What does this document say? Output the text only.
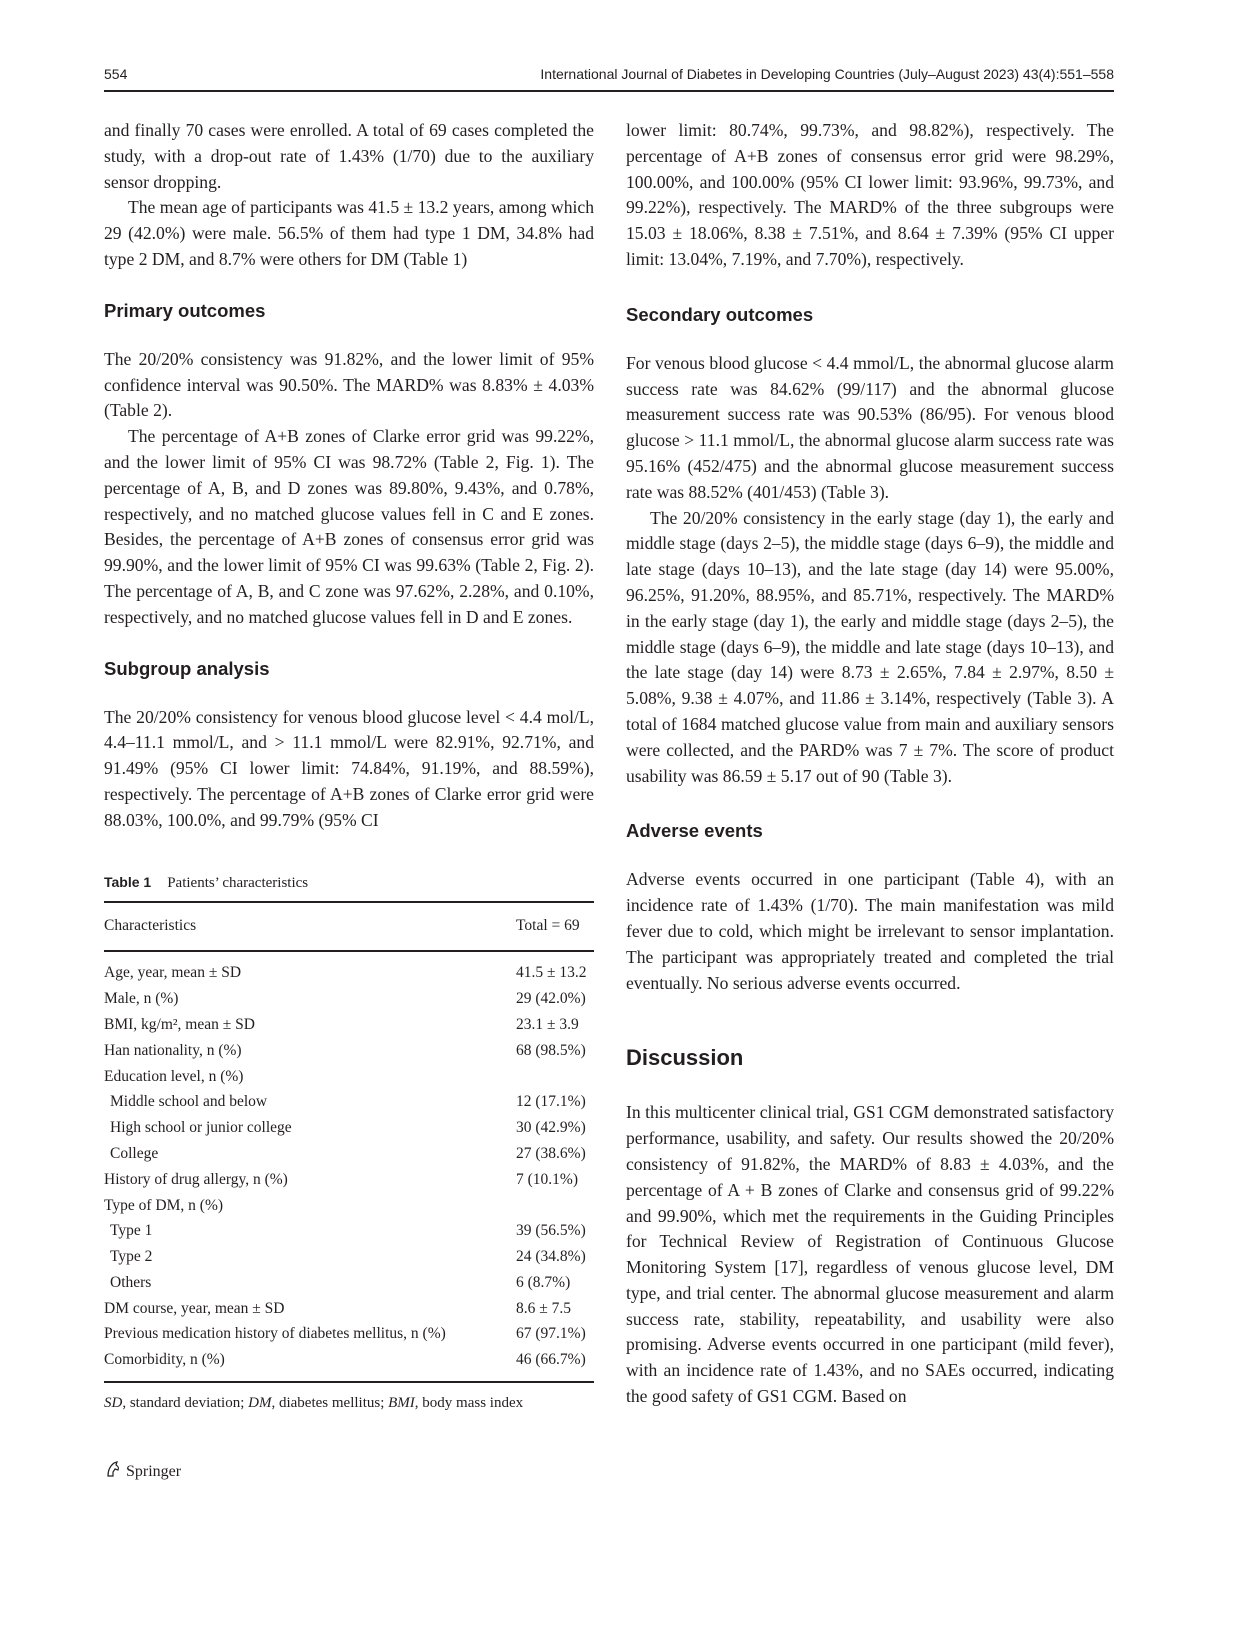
554	International Journal of Diabetes in Developing Countries (July–August 2023) 43(4):551–558

and finally 70 cases were enrolled. A total of 69 cases completed the study, with a drop-out rate of 1.43% (1/70) due to the auxiliary sensor dropping.

The mean age of participants was 41.5 ± 13.2 years, among which 29 (42.0%) were male. 56.5% of them had type 1 DM, 34.8% had type 2 DM, and 8.7% were others for DM (Table 1)

Primary outcomes

The 20/20% consistency was 91.82%, and the lower limit of 95% confidence interval was 90.50%. The MARD% was 8.83% ± 4.03% (Table 2).

The percentage of A+B zones of Clarke error grid was 99.22%, and the lower limit of 95% CI was 98.72% (Table 2, Fig. 1). The percentage of A, B, and D zones was 89.80%, 9.43%, and 0.78%, respectively, and no matched glucose values fell in C and E zones. Besides, the percentage of A+B zones of consensus error grid was 99.90%, and the lower limit of 95% CI was 99.63% (Table 2, Fig. 2). The percentage of A, B, and C zone was 97.62%, 2.28%, and 0.10%, respectively, and no matched glucose values fell in D and E zones.

Subgroup analysis

The 20/20% consistency for venous blood glucose level < 4.4 mol/L, 4.4–11.1 mmol/L, and > 11.1 mmol/L were 82.91%, 92.71%, and 91.49% (95% CI lower limit: 74.84%, 91.19%, and 88.59%), respectively. The percentage of A+B zones of Clarke error grid were 88.03%, 100.0%, and 99.79% (95% CI

Table 1 Patients’ characteristics
Characteristics	Total = 69
Age, year, mean ± SD	41.5 ± 13.2
Male, n (%)	29 (42.0%)
BMI, kg/m², mean ± SD	23.1 ± 3.9
Han nationality, n (%)	68 (98.5%)
Education level, n (%)	
Middle school and below	12 (17.1%)
High school or junior college	30 (42.9%)
College	27 (38.6%)
History of drug allergy, n (%)	7 (10.1%)
Type of DM, n (%)	
Type 1	39 (56.5%)
Type 2	24 (34.8%)
Others	6 (8.7%)
DM course, year, mean ± SD	8.6 ± 7.5
Previous medication history of diabetes mellitus, n (%)	67 (97.1%)
Comorbidity, n (%)	46 (66.7%)
SD, standard deviation; DM, diabetes mellitus; BMI, body mass index

lower limit: 80.74%, 99.73%, and 98.82%), respectively. The percentage of A+B zones of consensus error grid were 98.29%, 100.00%, and 100.00% (95% CI lower limit: 93.96%, 99.73%, and 99.22%), respectively. The MARD% of the three subgroups were 15.03 ± 18.06%, 8.38 ± 7.51%, and 8.64 ± 7.39% (95% CI upper limit: 13.04%, 7.19%, and 7.70%), respectively.

Secondary outcomes

For venous blood glucose < 4.4 mmol/L, the abnormal glucose alarm success rate was 84.62% (99/117) and the abnormal glucose measurement success rate was 90.53% (86/95). For venous blood glucose > 11.1 mmol/L, the abnormal glucose alarm success rate was 95.16% (452/475) and the abnormal glucose measurement success rate was 88.52% (401/453) (Table 3).

The 20/20% consistency in the early stage (day 1), the early and middle stage (days 2–5), the middle stage (days 6–9), the middle and late stage (days 10–13), and the late stage (day 14) were 95.00%, 96.25%, 91.20%, 88.95%, and 85.71%, respectively. The MARD% in the early stage (day 1), the early and middle stage (days 2–5), the middle stage (days 6–9), the middle and late stage (days 10–13), and the late stage (day 14) were 8.73 ± 2.65%, 7.84 ± 2.97%, 8.50 ± 5.08%, 9.38 ± 4.07%, and 11.86 ± 3.14%, respectively (Table 3). A total of 1684 matched glucose value from main and auxiliary sensors were collected, and the PARD% was 7 ± 7%. The score of product usability was 86.59 ± 5.17 out of 90 (Table 3).

Adverse events

Adverse events occurred in one participant (Table 4), with an incidence rate of 1.43% (1/70). The main manifestation was mild fever due to cold, which might be irrelevant to sensor implantation. The participant was appropriately treated and completed the trial eventually. No serious adverse events occurred.

Discussion

In this multicenter clinical trial, GS1 CGM demonstrated satisfactory performance, usability, and safety. Our results showed the 20/20% consistency of 91.82%, the MARD% of 8.83 ± 4.03%, and the percentage of A + B zones of Clarke and consensus grid of 99.22% and 99.90%, which met the requirements in the Guiding Principles for Technical Review of Registration of Continuous Glucose Monitoring System [17], regardless of venous glucose level, DM type, and trial center. The abnormal glucose measurement and alarm success rate, stability, repeatability, and usability were also promising. Adverse events occurred in one participant (mild fever), with an incidence rate of 1.43%, and no SAEs occurred, indicating the good safety of GS1 CGM. Based on

Springer
